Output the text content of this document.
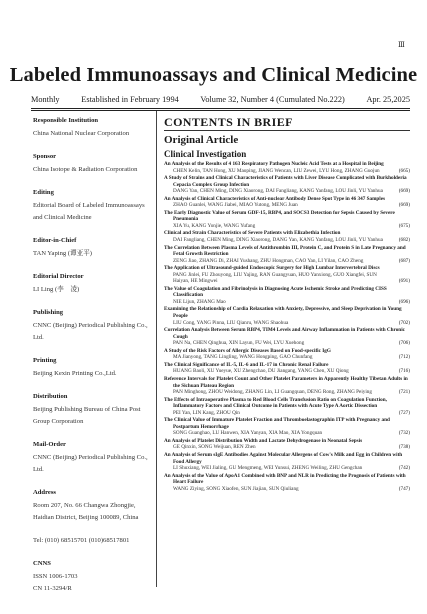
Ⅲ
Labeled Immunoassays and Clinical Medicine
Monthly	Established in February 1994	Volume 32, Number 4 (Cumulated No.222)	Apr. 25,2025
Responsible Institution
China National Nuclear Corporation
Sponsor
China Isotope & Radiation Corporation
Editing
Editorial Board of Labeled Immunoassays and Clinical Medicine
Editor-in-Chief
TAN Yaping (谭亚平)
Editorial Director
LI Ling (李　凌)
Publishing
CNNC (Beijing) Periodical Publishing Co., Ltd.
Printing
Beijing Kexin Printing Co.,Ltd.
Distribution
Beijing Publishing Bureau of China Post Group Corporation
Mail-Order
CNNC (Beijing) Periodical Publishing Co., Ltd.
Address
Room 207, No. 66 Changwa Zhongjie, Haidian District, Beijing 100089, China
Tel: (010) 68515701 (010)68517801
CNNS
ISSN 1006-1703
CN 11-3294/R
CONTENTS IN BRIEF
Original Article
Clinical Investigation
An Analysis of the Results of 4 163 Respiratory Pathogen Nucleic Acid Tests at a Hospital in Beijing
CHEN Kelin, TAN Hong, XU Maoping, JIANG Wencan, LIU Zewei, LYU Hong, ZHANG Guojun	(665)
A Study of Strains and Clinical Characteristics of Patients with Liver Disease Complicated with Burkholderia Cepacia Complex Group Infection
DANG Yan, CHEN Ming, DING Xiaorong, DAI Fangliang, KANG Yanfang, LOU Jinli, YU Yanhua	(669)
An Analysis of Clinical Characteristics of Anti-nuclear Antibody Dense Spot Type in 46 347 Samples
ZHAO Guanlei, WANG Jiabei, MIAO Yutong, MENG Juan	(669)
The Early Diagnostic Value of Serum GDF-15, RBP4, and SOCS3 Detection for Sepsis Caused by Severe Pneumonia
XIA Yu, KANG Yonjie, WANG Yufang	(675)
Clinical and Strain Characteristics of Severe Patients with Elizabethia Infection
DAI Fangliang, CHEN Ming, DING Xiaorong, DANG Yan, KANG Yanfang, LOU Jinli, YU Yanhua	(682)
The Correlation Between Plasma Levels of Antithrombin III, Protein C, and Protein S in Late Pregnancy and Fetal Growth Restriction
ZENG Jiao, ZHANG Di, ZHAI Yushang, ZHU Hongman, CAO Yan, LI Yilan, CAO Zheng	(687)
The Application of Ultrasound-guided Endoscopic Surgery for High Lumbar Intervertebral Discs
PANG Jinlei, FU Zhouyong, LIU Yajing, RAN Guangyuan, HUO Yanxiong, GUO Xiangfei, SUN Haiyan, HE Mingwei	(691)
The Value of Coagulation and Fibrinolysis in Diagnosing Acute Ischemic Stroke and Predicting CISS Classification
NIE Lijun, ZHANG Mao	(696)
Examining the Relationship of Cardia Relaxation with Anxiety, Depressive, and Sleep Deprivation in Young People
LIU Cong, YANG Pinna, LIU Qianru, WANG Shaohua	(702)
Correlation Analysis Between Serum RBP4, TIM4 Levels and Airway Inflammation in Patients with Chronic Cough
PAN Na, CHEN Qinghua, XIN Layun, FU Wei, LYU Xuehong	(706)
A Study of the Risk Factors of Allergic Diseases Based on Food-specific IgG
MA Jianyong, TANG Lingling, WANG Hongping, GAO Chunfang	(712)
The Clinical Significance of IL-5, IL-6 and IL-17 in Chronic Renal Failure
HUANG Baoli, XU Yueyue, XU Zhengchao, DU Jiangang, YANG Chen, XU Qiong	(716)
Reference Intervals for Platelet Count and Other Platelet Parameters in Apparently Healthy Tibetan Adults in the Sichuan Plateau Region
PAN Minghong, ZHOU Weidong, ZHANG Lin, LI Guangquan, DENG Rong, ZHANG Peiying	(721)
The Effects of Intraoperative Plasma to Red Blood Cells Transfusion Ratio on Coagulation Function, Inflammatory Factors and Clinical Outcome in Patients with Acute Type A Aortic Dissection
PEI Yan, LIN Kang, ZHOU Qin	(727)
The Clinical Value of Immature Platelet Fraction and Thromboelastographin ITP with Pregnancy and Postpartum Hemorrhage
SONG Guanghao, LU Hanwen, XIA Yanyan, XIA Mao, XIA Yongquan	(732)
An Analysis of Platelet Distribution Width and Lactate Dehydrogenase in Neonatal Sepsis
GE Qinxin, SONG Weijuan, REN Zhen	(738)
An Analysis of Serum sIgE Antibodies Against Molecular Allergens of Cow's Milk and Egg in Children with Food Allergy
LI Shuxiang, WEI Jialing, GU Mengmeng, WEI Yunsui, ZHENG Weiling, ZHU Gengchan	(742)
An Analysis of the Value of ApoA1 Combined with BNP and NLR in Predicting the Prognosis of Patients with Heart Failure
WANG Ziying, SONG Xiaofen, SUN Jiajian, SUN Qiuliang	(747)
